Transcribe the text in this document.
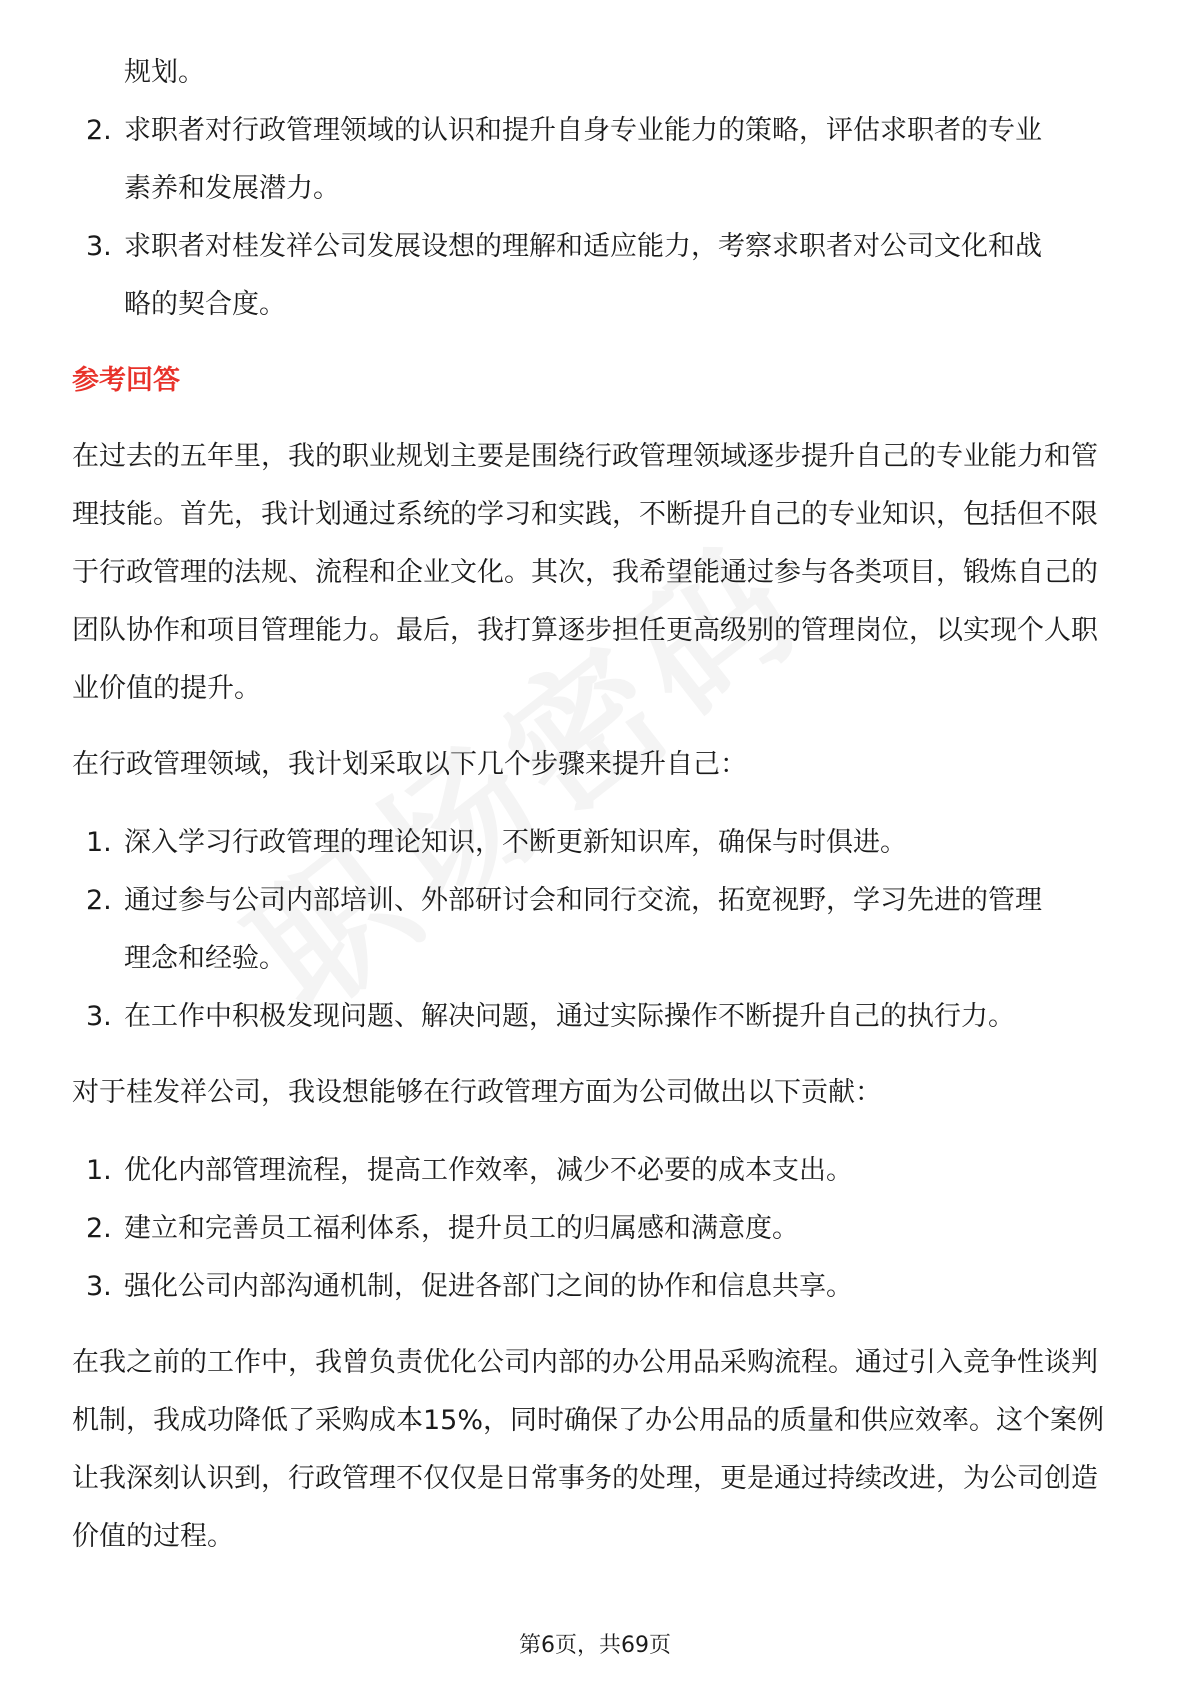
规划。

2. 求职者对行政管理领域的认识和提升自身专业能力的策略，评估求职者的专业
素养和发展潜力。
3. 求职者对桂发祥公司发展设想的理解和适应能力，考察求职者对公司文化和战
略的契合度。
参考回答

在过去的五年里，我的职业规划主要是围绕行政管理领域逐步提升自己的专业能力和管理技能。首先，我计划通过系统的学习和实践，不断提升自己的专业知识，包括但不限于行政管理的法规、流程和企业文化。其次，我希望能通过参与各类项目，锻炼自己的团队协作和项目管理能力。最后，我打算逐步担任更高级别的管理岗位，以实现个人职业价值的提升。

在行政管理领域，我计划采取以下几个步骤来提升自己：

1. 深入学习行政管理的理论知识，不断更新知识库，确保与时俱进。
2. 通过参与公司内部培训、外部研讨会和同行交流，拓宽视野，学习先进的管理
理念和经验。
3. 在工作中积极发现问题、解决问题，通过实际操作不断提升自己的执行力。

对于桂发祥公司，我设想能够在行政管理方面为公司做出以下贡献：

1. 优化内部管理流程，提高工作效率，减少不必要的成本支出。
2. 建立和完善员工福利体系，提升员工的归属感和满意度。
3. 强化公司内部沟通机制，促进各部门之间的协作和信息共享。

在我之前的工作中，我曾负责优化公司内部的办公用品采购流程。通过引入竞争性谈判机制，我成功降低了采购成本15%，同时确保了办公用品的质量和供应效率。这个案例让我深刻认识到，行政管理不仅仅是日常事务的处理，更是通过持续改进，为公司创造价值的过程。

第6页，共69页
